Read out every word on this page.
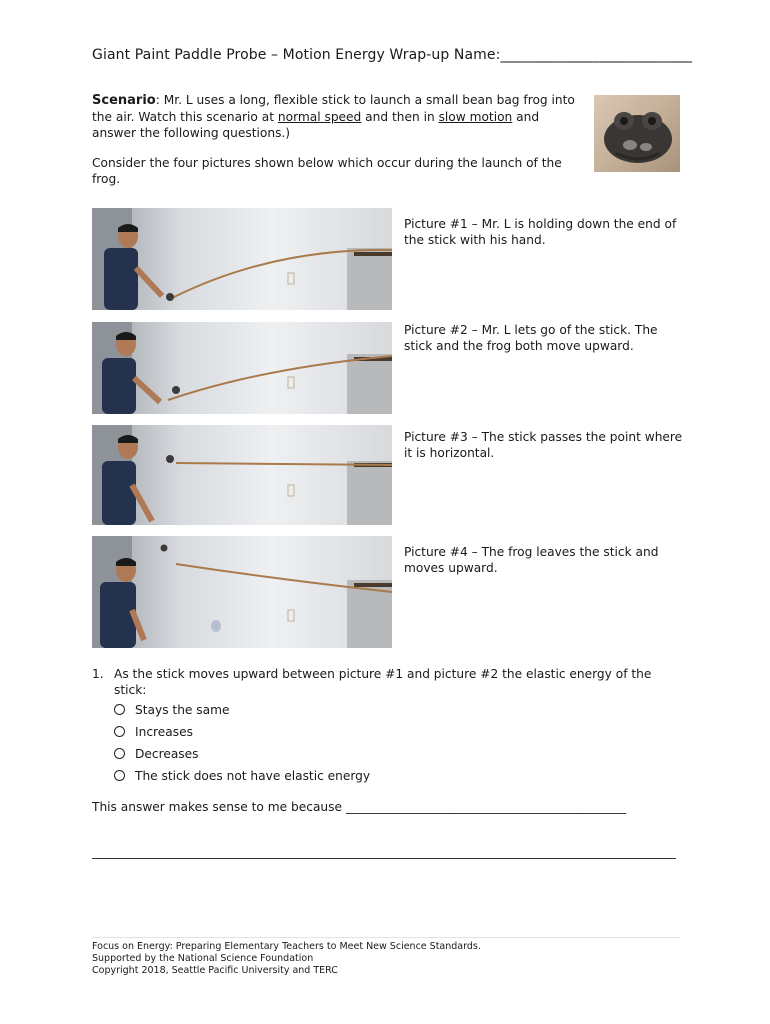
Giant Paint Paddle Probe – Motion Energy Wrap-up Name:___________________________
Scenario: Mr. L uses a long, flexible stick to launch a small bean bag frog into the air. Watch this scenario at normal speed and then in slow motion and answer the following questions.)
Consider the four pictures shown below which occur during the launch of the frog.
Picture #1 – Mr. L is holding down the end of the stick with his hand.
Picture #2 – Mr. L lets go of the stick. The stick and the frog both move upward.
Picture #3 – The stick passes the point where it is horizontal.
Picture #4 – The frog leaves the stick and moves upward.
1. As the stick moves upward between picture #1 and picture #2 the elastic energy of the stick:
Stays the same
Increases
Decreases
The stick does not have elastic energy
This answer makes sense to me because ______________________________________________
Focus on Energy: Preparing Elementary Teachers to Meet New Science Standards.
Supported by the National Science Foundation
Copyright 2018, Seattle Pacific University and TERC
